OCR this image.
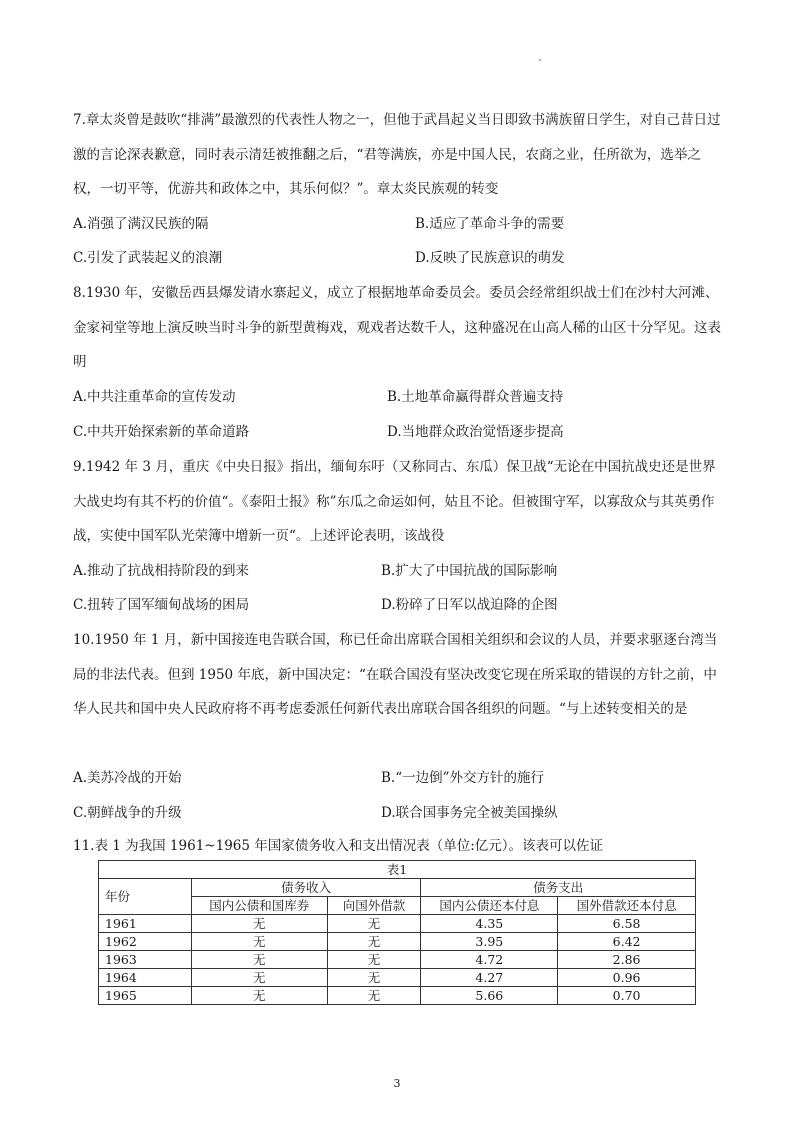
7.章太炎曾是鼓吹“排满”最激烈的代表性人物之一，但他于武昌起义当日即致书满族留日学生，对自己昔日过激的言论深表歉意，同时表示清廷被推翻之后，“君等满族，亦是中国人民，农商之业，任所欲为，选举之权，一切平等，优游共和政体之中，其乐何似？”。章太炎民族观的转变

A.消强了满汉民族的隔	B.适应了革命斗争的需要
C.引发了武装起义的浪潮	D.反映了民族意识的萌发

8.1930 年，安徽岳西县爆发请水寨起义，成立了根据地革命委员会。委员会经常组织战士们在沙村大河滩、金家祠堂等地上演反映当时斗争的新型黄梅戏，观戏者达数千人，这种盛况在山高人稀的山区十分罕见。这表明

A.中共注重革命的宣传发动	B.土地革命赢得群众普遍支持
C.中共开始探索新的革命道路	D.当地群众政治觉悟逐步提高

9.1942 年 3 月，重庆《中央日报》指出，缅甸东吁（又称同古、东瓜）保卫战“无论在中国抗战史还是世界大战史均有其不朽的价值“。《泰阳士报》称”东瓜之命运如何，姑且不论。但被围守军，以寡敌众与其英勇作战，实使中国军队光荣簿中增新一页“。上述评论表明，该战役

A.推动了抗战相持阶段的到来	B.扩大了中国抗战的国际影响
C.扭转了国军缅甸战场的困局	D.粉碎了日军以战迫降的企图

10.1950 年 1 月，新中国接连电告联合国，称已任命出席联合国相关组织和会议的人员，并要求驱逐台湾当局的非法代表。但到 1950 年底，新中国决定：“在联合国没有坚决改变它现在所采取的错误的方针之前，中华人民共和国中央人民政府将不再考虑委派任何新代表出席联合国各组织的问题。“与上述转变相关的是

A.美苏冷战的开始	B.“一边倒”外交方针的施行
C.朝鲜战争的升级	D.联合国事务完全被美国操纵
11.表 1 为我国 1961~1965 年国家债务收入和支出情况表（单位:亿元）。该表可以佐证
表1				
年份	债务收入		债务支出	
	国内公债和国库券	向国外借款	国内公债还本付息	国外借款还本付息
1961	无	无	4.35	6.58
1962	无	无	3.95	6.42
1963	无	无	4.72	2.86
1964	无	无	4.27	0.96
1965	无	无	5.66	0.70
3
